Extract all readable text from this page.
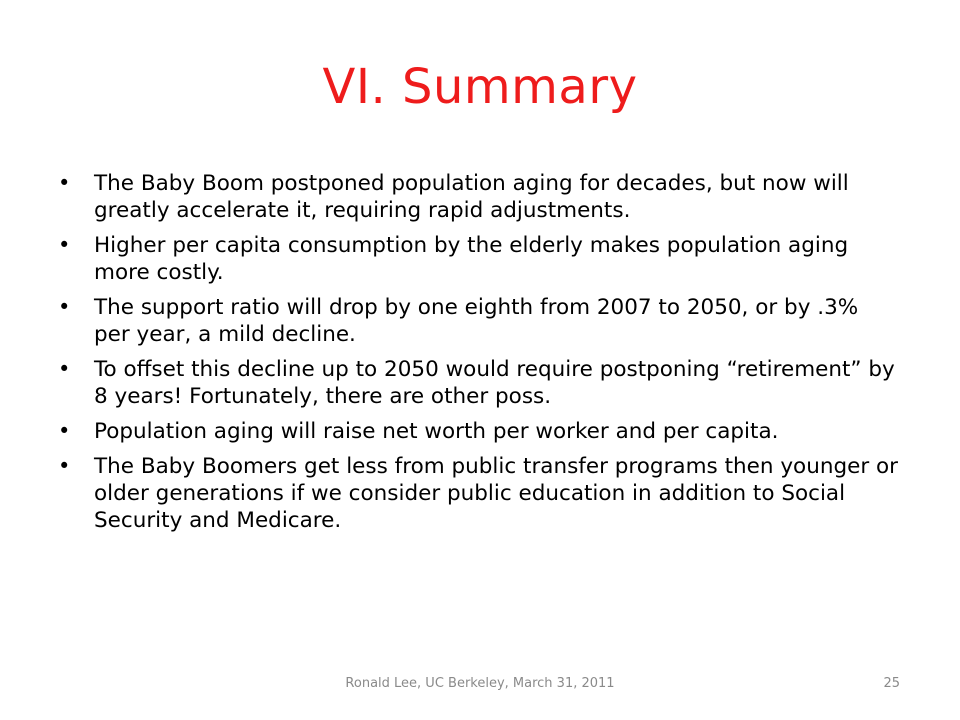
VI. Summary
•	The Baby Boom postponed population aging for decades, but now will greatly accelerate it, requiring rapid adjustments.
•	Higher per capita consumption by the elderly makes population aging more costly.
•	The support ratio will drop by one eighth from 2007 to 2050, or by .3% per year, a mild decline.
•	To offset this decline up to 2050 would require postponing “retirement” by 8 years! Fortunately, there are other poss.
•	Population aging will raise net worth per worker and per capita.
•	The Baby Boomers get less from public transfer programs then younger or older generations if we consider public education in addition to Social Security and Medicare.
Ronald Lee, UC Berkeley, March 31, 2011	25
